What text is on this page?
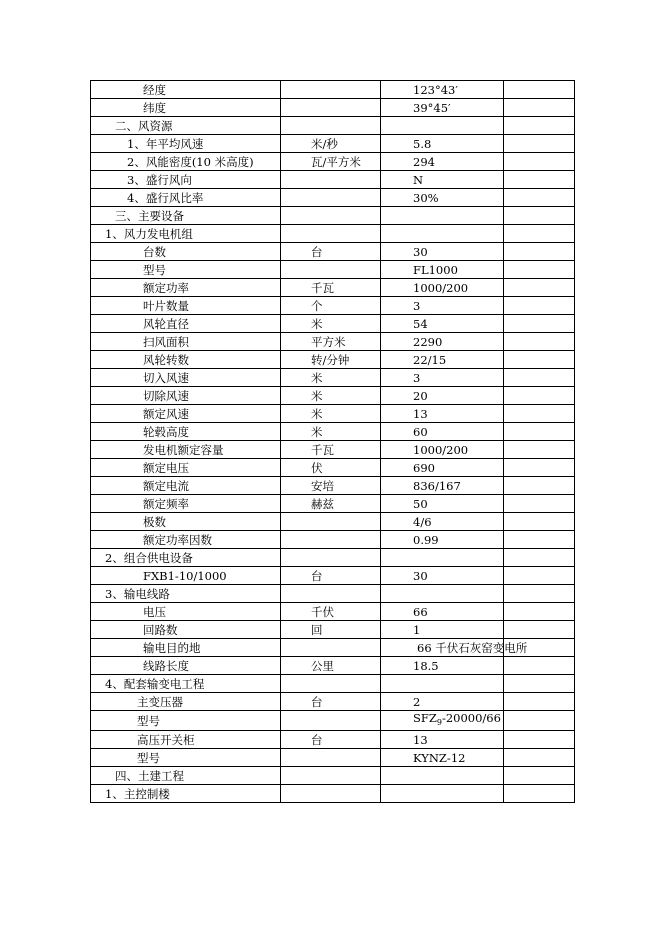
经度		123°43′	
纬度		39°45′	
二、风资源			
1、年平均风速	米/秒	5.8	
2、风能密度(10 米高度)	瓦/平方米	294	
3、盛行风向		N	
4、盛行风比率		30%	
三、主要设备			
1、风力发电机组			
台数	台	30	
型号		FL1000	
额定功率	千瓦	1000/200	
叶片数量	个	3	
风轮直径	米	54	
扫风面积	平方米	2290	
风轮转数	转/分钟	22/15	
切入风速	米	3	
切除风速	米	20	
额定风速	米	13	
轮毂高度	米	60	
发电机额定容量	千瓦	1000/200	
额定电压	伏	690	
额定电流	安培	836/167	
额定频率	赫兹	50	
极数		4/6	
额定功率因数		0.99	
2、组合供电设备			
FXB1-10/1000	台	30	
3、输电线路			
电压	千伏	66	
回路数	回	1	
输电目的地		66 千伏石灰窑变电所	

线路长度	公里	18.5	
4、配套输变电工程			
主变压器	台	2	
型号		$SFZ_9-20000/66$	
高压开关柜	台	13	
型号		KYNZ-12	
四、土建工程			
1、主控制楼			
